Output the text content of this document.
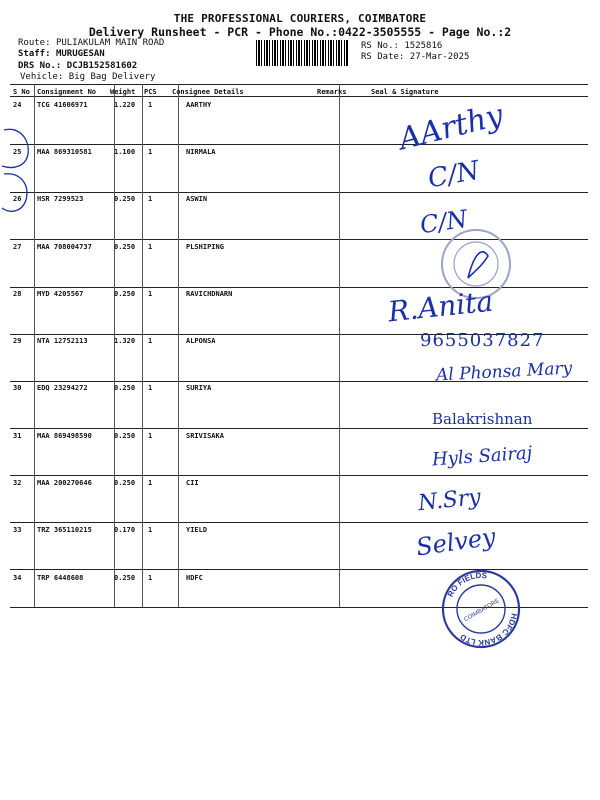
THE PROFESSIONAL COURIERS, COIMBATORE
Delivery Runsheet - PCR - Phone No.:0422-3505555 - Page No.:2
Route: PULIAKULAM MAIN ROAD
Staff: MURUGESAN
DRS No.: DCJB152581602
Vehicle: Big Bag Delivery
RS No.: 1525816
RS Date: 27-Mar-2025
S No Consignment No Weight PCS Consignee Details	Remarks	Seal & Signature
24 TCG 41606971	1.220 1	AARTHY
25 MAA 869310581	1.100 1	NIRMALA
26 HSR 7299523	0.250 1	ASWIN
27 MAA 708004737	0.250 1	PLSHIPING
28 MYD 4205567	0.250 1	RAVICHDNARN
29 NTA 12752113	1.320 1	ALPONSA
30 EDQ 23294272	0.250 1	SURIYA
31 MAA 869498590	0.250 1	SRIVISAKA
32 MAA 200270646	0.250 1	CII
33 TRZ 365110215	0.170 1	YIELD
34 TRP 6448608	0.250 1	HDFC
AArthy
C/N
C/N
R.Anita
9655037827
Al Phonsa Mary
Balakrishnan
Hyls Sairaj
N.Sry
Selvey
HDFC BANK LTD
RO FIELDS
COIMBATORE
